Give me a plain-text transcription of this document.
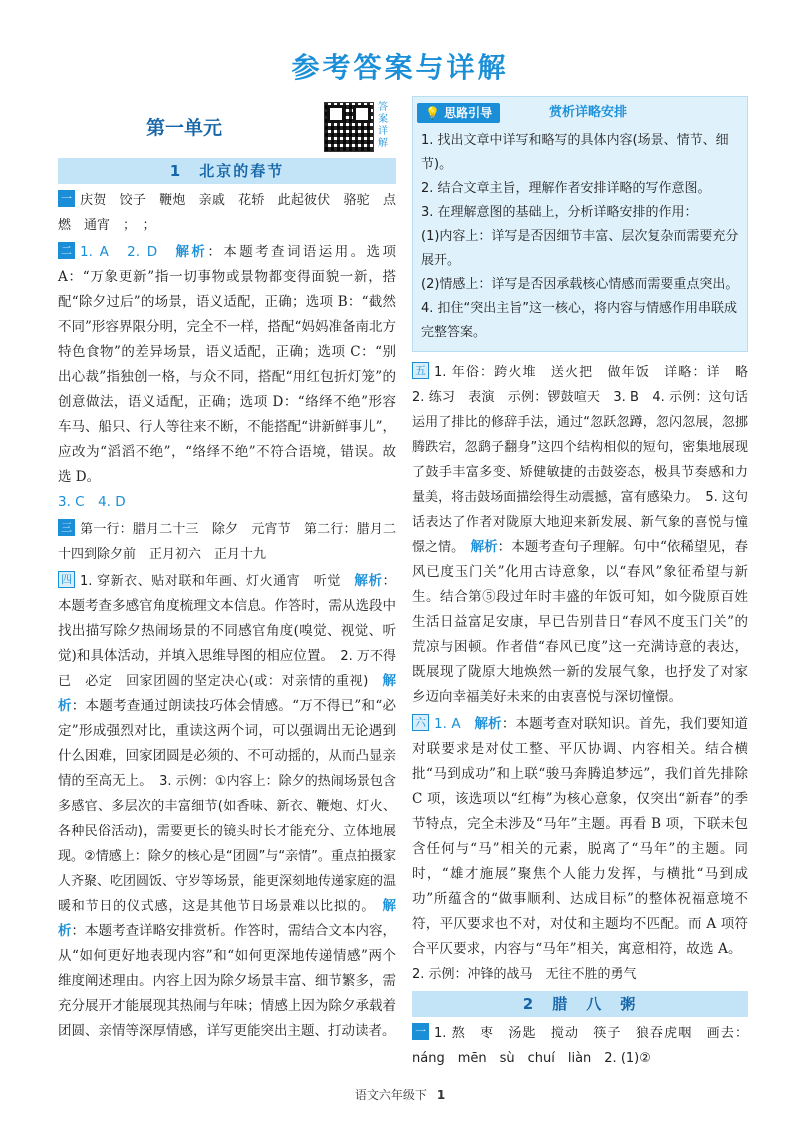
参考答案与详解
第一单元
答案详解
1　北京的春节
一 庆贺　饺子　鞭炮　亲戚　花轿　此起彼伏　骆驼　点燃　通宵　；　；
二 1. A　2. D　解析：本题考查词语运用。选项 A：“万象更新”指一切事物或景物都变得面貌一新，搭配“除夕过后”的场景，语义适配，正确；选项 B：“截然不同”形容界限分明，完全不一样，搭配“妈妈准备南北方特色食物”的差异场景，语义适配，正确；选项 C：“别出心裁”指独创一格，与众不同，搭配“用红包折灯笼”的创意做法，语义适配，正确；选项 D：“络绎不绝”形容车马、船只、行人等往来不断，不能搭配“讲新鲜事儿”，应改为“滔滔不绝”，“络绎不绝”不符合语境，错误。故选 D。
3. C　4. D
三 第一行：腊月二十三　除夕　元宵节　第二行：腊月二十四到除夕前　正月初六　正月十九
四 1. 穿新衣、贴对联和年画、灯火通宵　听觉　解析：本题考查多感官角度梳理文本信息。作答时，需从选段中找出描写除夕热闹场景的不同感官角度(嗅觉、视觉、听觉)和具体活动，并填入思维导图的相应位置。　2. 万不得已　必定　回家团圆的坚定决心(或：对亲情的重视)　解析：本题考查通过朗读技巧体会情感。“万不得已”和“必定”形成强烈对比，重读这两个词，可以强调出无论遇到什么困难，回家团圆是必须的、不可动摇的，从而凸显亲情的至高无上。　3. 示例：①内容上：除夕的热闹场景包含多感官、多层次的丰富细节(如香味、新衣、鞭炮、灯火、各种民俗活动)，需要更长的镜头时长才能充分、立体地展现。②情感上：除夕的核心是“团圆”与“亲情”。重点拍摄家人齐聚、吃团圆饭、守岁等场景，能更深刻地传递家庭的温暖和节日的仪式感，这是其他节日场景难以比拟的。　解析：本题考查详略安排赏析。作答时，需结合文本内容，从“如何更好地表现内容”和“如何更深地传递情感”两个维度阐述理由。内容上因为除夕场景丰富、细节繁多，需充分展开才能展现其热闹与年味；情感上因为除夕承载着团圆、亲情等深厚情感，详写更能突出主题、打动读者。
💡 思路引导	赏析详略安排

1. 找出文章中详写和略写的具体内容(场景、情节、细节)。

2. 结合文章主旨，理解作者安排详略的写作意图。

3. 在理解意图的基础上，分析详略安排的作用：

(1)内容上：详写是否因细节丰富、层次复杂而需要充分展开。

(2)情感上：详写是否因承载核心情感而需要重点突出。

4. 扣住“突出主旨”这一核心，将内容与情感作用串联成完整答案。

五 1. 年俗：跨火堆　送火把　做年饭　详略：详　略　2. 练习　表演　示例：锣鼓喧天　3. B　4. 示例：这句话运用了排比的修辞手法，通过“忽跃忽蹲，忽闪忽展，忽挪腾跌宕，忽鹞子翻身”这四个结构相似的短句，密集地展现了鼓手丰富多变、矫健敏捷的击鼓姿态，极具节奏感和力量美，将击鼓场面描绘得生动震撼，富有感染力。　5. 这句话表达了作者对陇原大地迎来新发展、新气象的喜悦与憧憬之情。　解析：本题考查句子理解。句中“依稀望见，春风已度玉门关”化用古诗意象，以“春风”象征希望与新生。结合第⑤段过年时丰盛的年饭可知，如今陇原百姓生活日益富足安康，早已告别昔日“春风不度玉门关”的荒凉与困顿。作者借“春风已度”这一充满诗意的表达，既展现了陇原大地焕然一新的发展气象，也抒发了对家乡迈向幸福美好未来的由衷喜悦与深切憧憬。
六 1. A　解析：本题考查对联知识。首先，我们要知道对联要求是对仗工整、平仄协调、内容相关。结合横批“马到成功”和上联“骏马奔腾追梦远”，我们首先排除 C 项，该选项以“红梅”为核心意象，仅突出“新春”的季节特点，完全未涉及“马年”主题。再看 B 项，下联未包含任何与“马”相关的元素，脱离了“马年”的主题。同时，“雄才施展”聚焦个人能力发挥，与横批“马到成功”所蕴含的“做事顺利、达成目标”的整体祝福意境不符，平仄要求也不对，对仗和主题均不匹配。而 A 项符合平仄要求，内容与“马年”相关，寓意相符，故选 A。　2. 示例：冲锋的战马　无往不胜的勇气
2　腊　八　粥
一 1. 熬　枣　汤匙　搅动　筷子　狼吞虎咽　画去：náng　mēn　sù　chuí　liàn　2. (1)②
语文六年级下 1
